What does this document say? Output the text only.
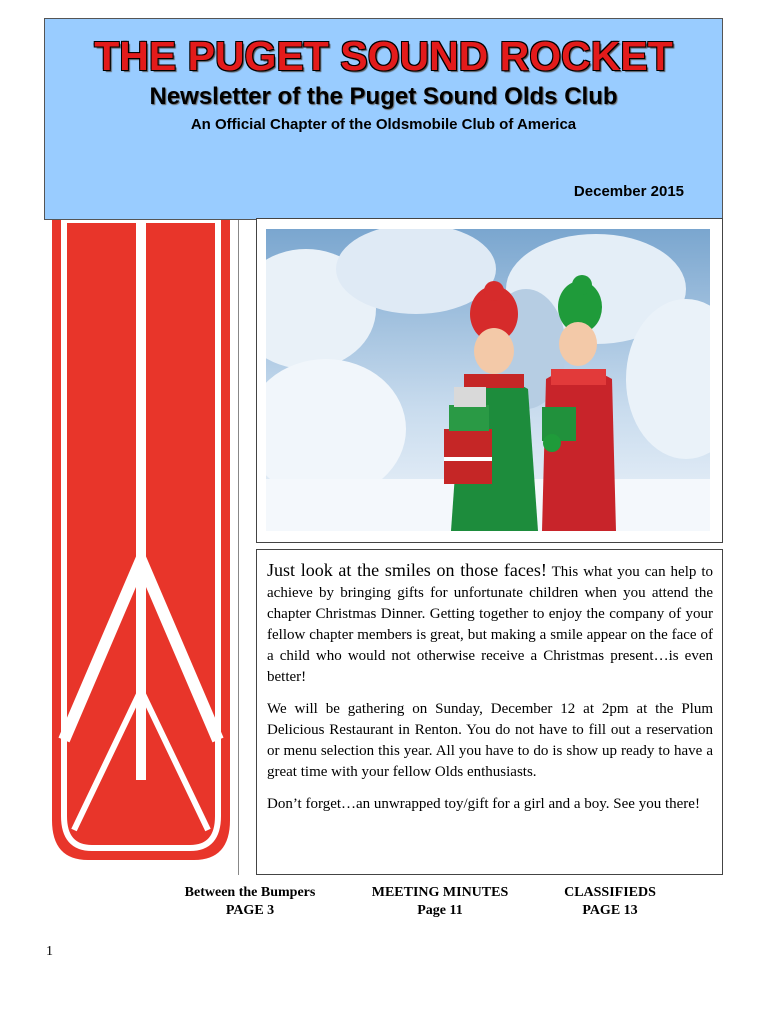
THE PUGET SOUND ROCKET
Newsletter of the Puget Sound Olds Club
An Official Chapter of the Oldsmobile Club of America
December 2015

Just look at the smiles on those faces! This what you can help to achieve by bringing gifts for unfortunate children when you attend the chapter Christmas Dinner. Getting together to enjoy the company of your fellow chapter members is great, but making a smile appear on the face of a child who would not otherwise receive a Christmas present…is even better!

We will be gathering on Sunday, December 12 at 2pm at the Plum Delicious Restaurant in Renton. You do not have to fill out a reservation or menu selection this year. All you have to do is show up ready to have a great time with your fellow Olds enthusiasts.

Don’t forget…an unwrapped toy/gift for a girl and a boy. See you there!

Between the Bumpers
PAGE 3
MEETING MINUTES
Page 11
CLASSIFIEDS
PAGE 13
1
